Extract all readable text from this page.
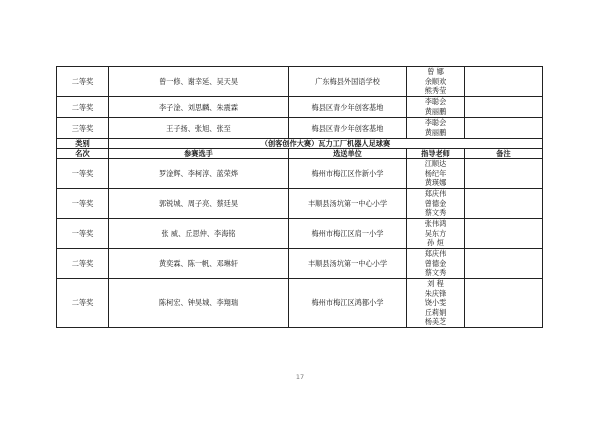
二等奖	曾一修、谢幸延、吴天昊	广东梅县外国语学校	曾 娜
余顺欢
熊秀莹	

二等奖	李子淦、刘思麟、朱震霖	梅县区青少年创客基地	李聪会
黄丽鹏	

三等奖	王子扬、张旭、张至	梅县区青少年创客基地	李聪会
黄丽鹏	

类别	（创客创作大赛）瓦力工厂机器人足球赛			
名次	参赛选手	选送单位	指导老师	备注
一等奖	罗淦辉、李柯淳、蓝荣烨	梅州市梅江区作新小学	江顺达
杨纪年
黄瑛娜	

一等奖	郭锐城、周子亮、蔡廷昊	丰顺县汤坑第一中心小学	郑庆伟
曾德金
蔡文秀	

一等奖	张 威、丘思仲、李海铭	梅州市梅江区肩一小学	张伟鸿
吴东方
孙 烜	

二等奖	黄奕霖、陈一帆、邓琳轩	丰顺县汤坑第一中心小学	郑庆伟
曾德金
蔡文秀	

二等奖	陈柯宏、钟昊城、李翔瑞	梅州市梅江区鸿都小学	刘 程
朱庆锋
饶小雯
丘莉娟
杨美芝	

17
